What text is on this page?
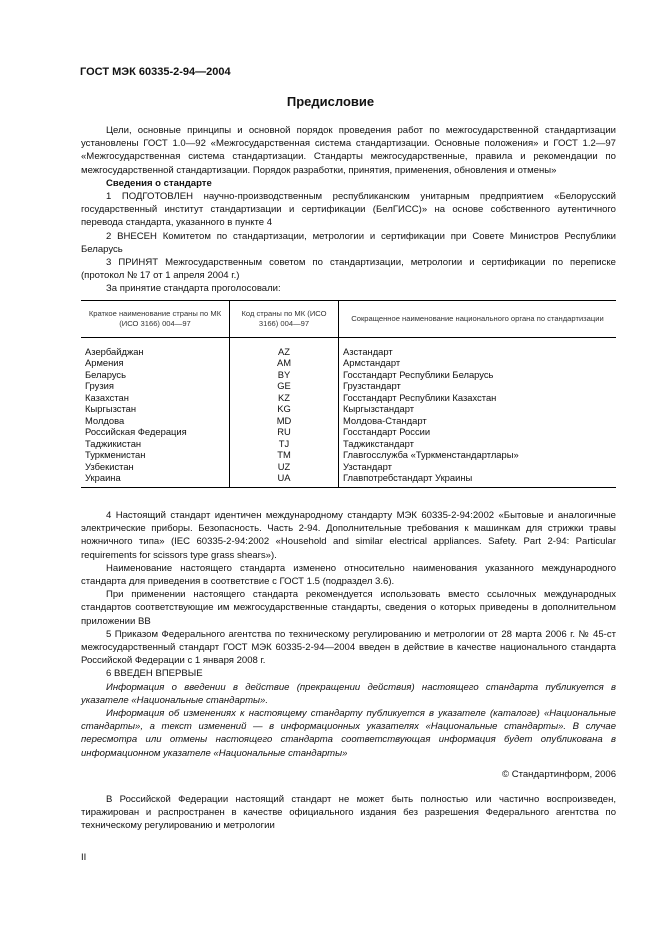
ГОСТ МЭК 60335-2-94—2004
Предисловие

Цели, основные принципы и основной порядок проведения работ по межгосударственной стандартизации установлены ГОСТ 1.0—92 «Межгосударственная система стандартизации. Основные положения» и ГОСТ 1.2—97 «Межгосударственная система стандартизации. Стандарты межгосударственные, правила и рекомендации по межгосударственной стандартизации. Порядок разработки, принятия, применения, обновления и отмены»

Сведения о стандарте

1 ПОДГОТОВЛЕН научно-производственным республиканским унитарным предприятием «Белорусский государственный институт стандартизации и сертификации (БелГИСС)» на основе собственного аутентичного перевода стандарта, указанного в пункте 4

2 ВНЕСЕН Комитетом по стандартизации, метрологии и сертификации при Совете Министров Республики Беларусь

3 ПРИНЯТ Межгосударственным советом по стандартизации, метрологии и сертификации по переписке (протокол № 17 от 1 апреля 2004 г.)

За принятие стандарта проголосовали:

Краткое наименование страны по МК (ИСО 3166) 004—97	Код страны по МК (ИСО 3166) 004—97	Сокращенное наименование национального органа по стандартизации
Азербайджан	AZ	Азстандарт
Армения	AM	Армстандарт
Беларусь	BY	Госстандарт Республики Беларусь
Грузия	GE	Грузстандарт
Казахстан	KZ	Госстандарт Республики Казахстан
Кыргызстан	KG	Кыргызстандарт
Молдова	MD	Молдова-Стандарт
Российская Федерация	RU	Госстандарт России
Таджикистан	TJ	Таджикстандарт
Туркменистан	TM	Главгосслужба «Туркменстандартлары»
Узбекистан	UZ	Узстандарт
Украина	UA	Главпотребстандарт Украины

4 Настоящий стандарт идентичен международному стандарту МЭК 60335-2-94:2002 «Бытовые и аналогичные электрические приборы. Безопасность. Часть 2-94. Дополнительные требования к машинкам для стрижки травы ножничного типа» (IEC 60335-2-94:2002 «Household and similar electrical appliances. Safety. Part 2-94: Particular requirements for scissors type grass shears»).

Наименование настоящего стандарта изменено относительно наименования указанного международного стандарта для приведения в соответствие с ГОСТ 1.5 (подраздел 3.6).

При применении настоящего стандарта рекомендуется использовать вместо ссылочных международных стандартов соответствующие им межгосударственные стандарты, сведения о которых приведены в дополнительном приложении ВВ

5 Приказом Федерального агентства по техническому регулированию и метрологии от 28 марта 2006 г. № 45-ст межгосударственный стандарт ГОСТ МЭК 60335-2-94—2004 введен в действие в качестве национального стандарта Российской Федерации с 1 января 2008 г.

6 ВВЕДЕН ВПЕРВЫЕ

Информация о введении в действие (прекращении действия) настоящего стандарта публикуется в указателе «Национальные стандарты».

Информация об изменениях к настоящему стандарту публикуется в указателе (каталоге) «Национальные стандарты», а текст изменений — в информационных указателях «Национальные стандарты». В случае пересмотра или отмены настоящего стандарта соответствующая информация будет опубликована в информационном указателе «Национальные стандарты»

© Стандартинформ, 2006

В Российской Федерации настоящий стандарт не может быть полностью или частично воспроизведен, тиражирован и распространен в качестве официального издания без разрешения Федерального агентства по техническому регулированию и метрологии

II
